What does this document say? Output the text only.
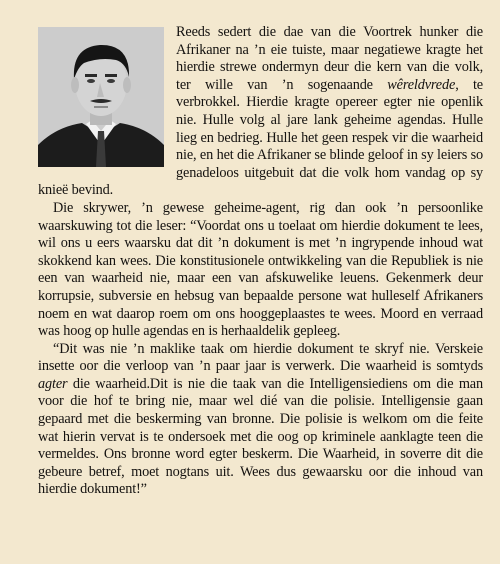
Reeds sedert die dae van die Voortrek hunker die Afrikaner na ’n eie tuiste, maar negatiewe kragte het hierdie strewe ondermyn deur die kern van die volk, ter wille van ’n sogenaande wêreldvrede, te verbrokkel. Hierdie kragte opereer egter nie openlik nie. Hulle volg al jare lank geheime agendas. Hulle lieg en bedrieg. Hulle het geen respek vir die waarheid nie, en het die Afrikaner se blinde geloof in sy leiers so genadeloos uitgebuit dat die volk hom vandag op sy knieë bevind.

Die skrywer, ’n gewese geheime-agent, rig dan ook ’n persoonlike waarskuwing tot die leser: “Voordat ons u toelaat om hierdie dokument te lees, wil ons u eers waarsku dat dit ’n dokument is met ’n ingrypende inhoud wat skokkend kan wees. Die konstitusionele ontwikkeling van die Republiek is nie een van waarheid nie, maar een van afskuwelike leuens. Gekenmerk deur korrupsie, subversie en hebsug van bepaalde persone wat hulleself Afrikaners noem en wat daarop roem om ons hooggeplaastes te wees. Moord en verraad was hoog op hulle agendas en is herhaaldelik gepleeg.

“Dit was nie ’n maklike taak om hierdie dokument te skryf nie. Verskeie insette oor die verloop van ’n paar jaar is verwerk. Die waarheid is somtyds agter die waarheid.Dit is nie die taak van die Intelligensiediens om die man voor die hof te bring nie, maar wel dié van die polisie. Intelligensie gaan gepaard met die beskerming van bronne. Die polisie is welkom om die feite wat hierin vervat is te ondersoek met die oog op kriminele aanklagte teen die vermeldes. Ons bronne word egter beskerm. Die Waarheid, in soverre dit die gebeure betref, moet nogtans uit. Wees dus gewaarsku oor die inhoud van hierdie dokument!”
